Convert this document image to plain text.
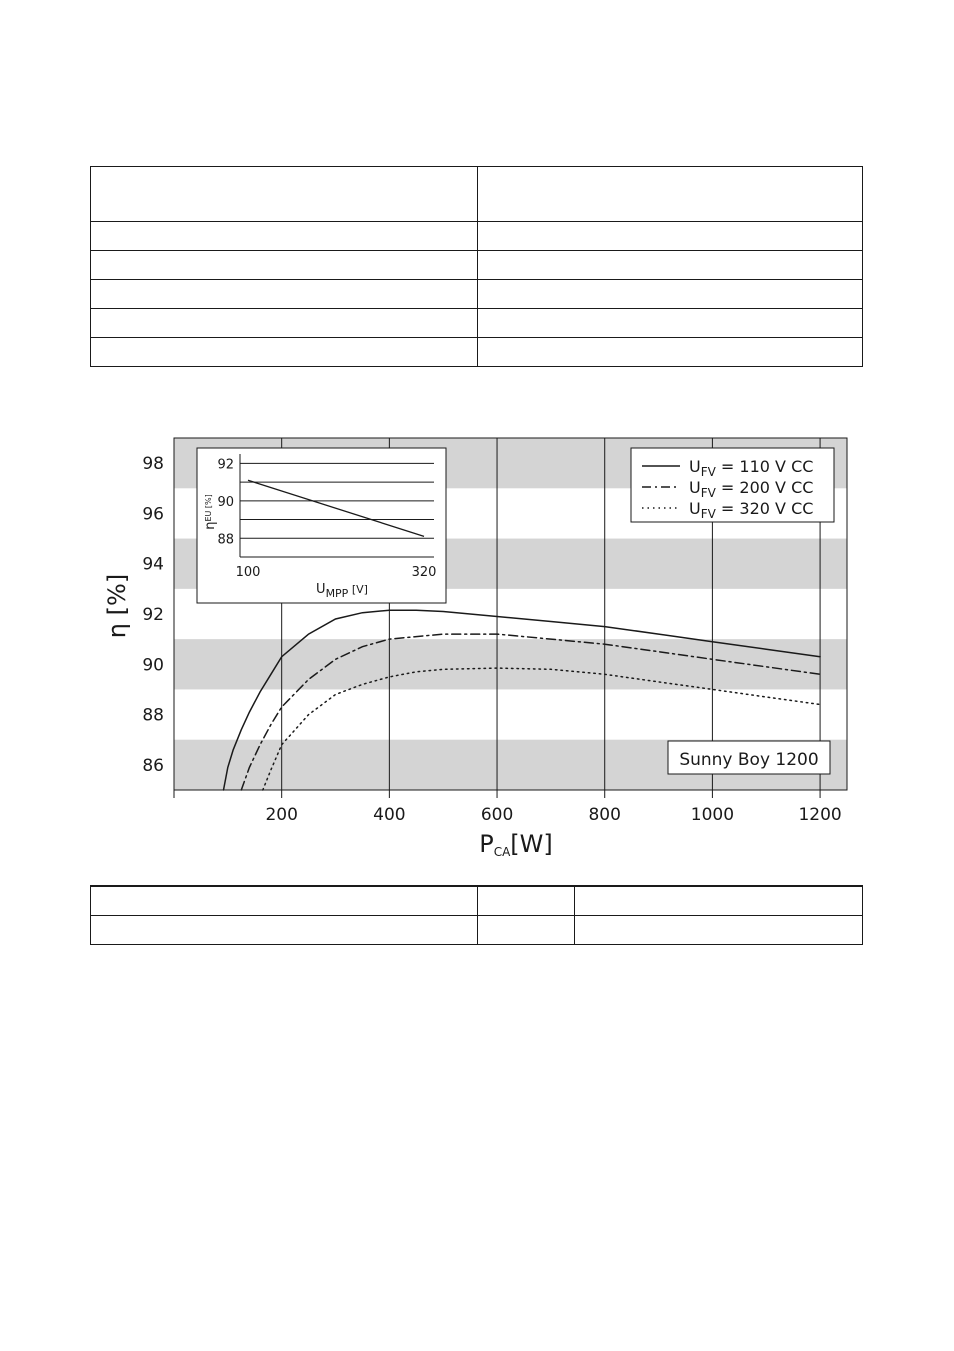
86
88
90
92
94
96
98
200	400	600	800	1000	1200
η [%]
PCA[W]
88
90
92
100	320
$U_{MPP}$ [V]
$\eta^{EU [\%]}$
$U_{FV} = 110$ V CC
$U_{FV} = 200$ V CC
$U_{FV} = 320$ V CC
Sunny Boy 1200
